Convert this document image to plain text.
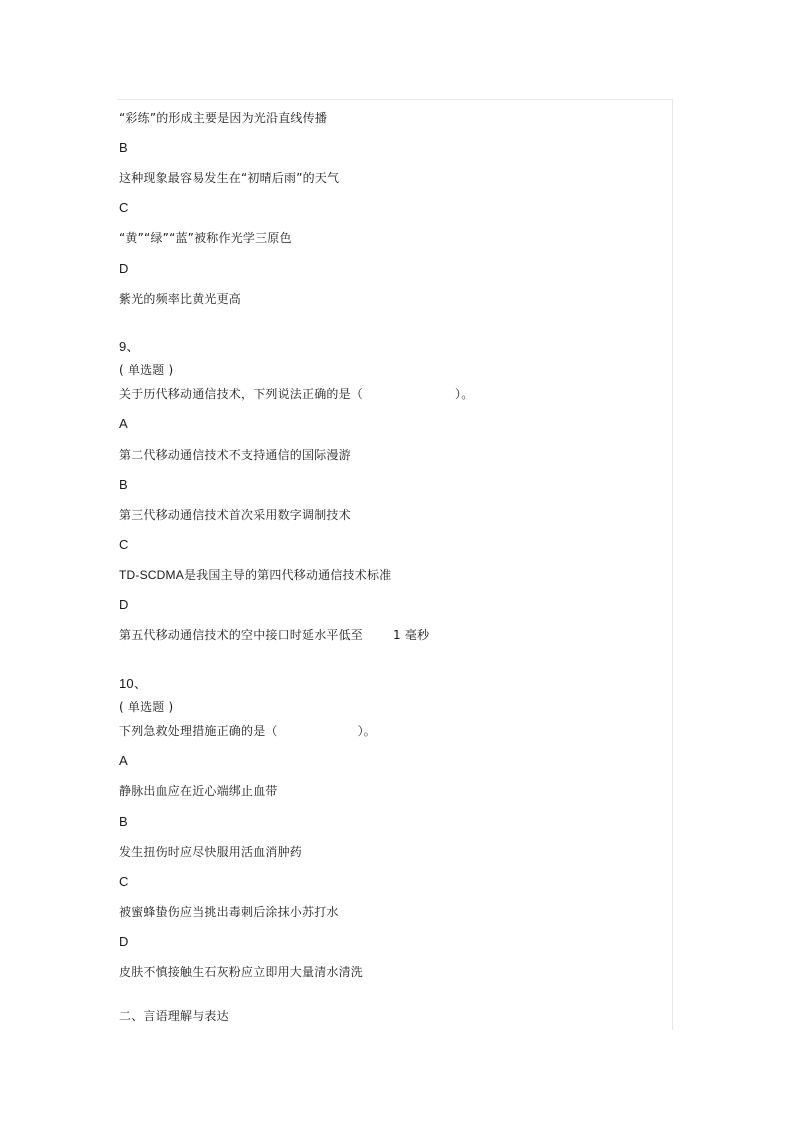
“彩练”的形成主要是因为光沿直线传播
B
这种现象最容易发生在“初晴后雨”的天气
C
“黄”“绿”“蓝”被称作光学三原色
D
紫光的频率比黄光更高
9、
( 单选题 )
关于历代移动通信技术，下列说法正确的是（	）。
A
第二代移动通信技术不支持通信的国际漫游
B
第三代移动通信技术首次采用数字调制技术
C
TD-SCDMA是我国主导的第四代移动通信技术标准
D
第五代移动通信技术的空中接口时延水平低至	1 毫秒
10、
( 单选题 )
下列急救处理措施正确的是（	）。
A
静脉出血应在近心端绑止血带
B
发生扭伤时应尽快服用活血消肿药
C
被蜜蜂蛰伤应当挑出毒刺后涂抹小苏打水
D
皮肤不慎接触生石灰粉应立即用大量清水清洗
二、言语理解与表达
